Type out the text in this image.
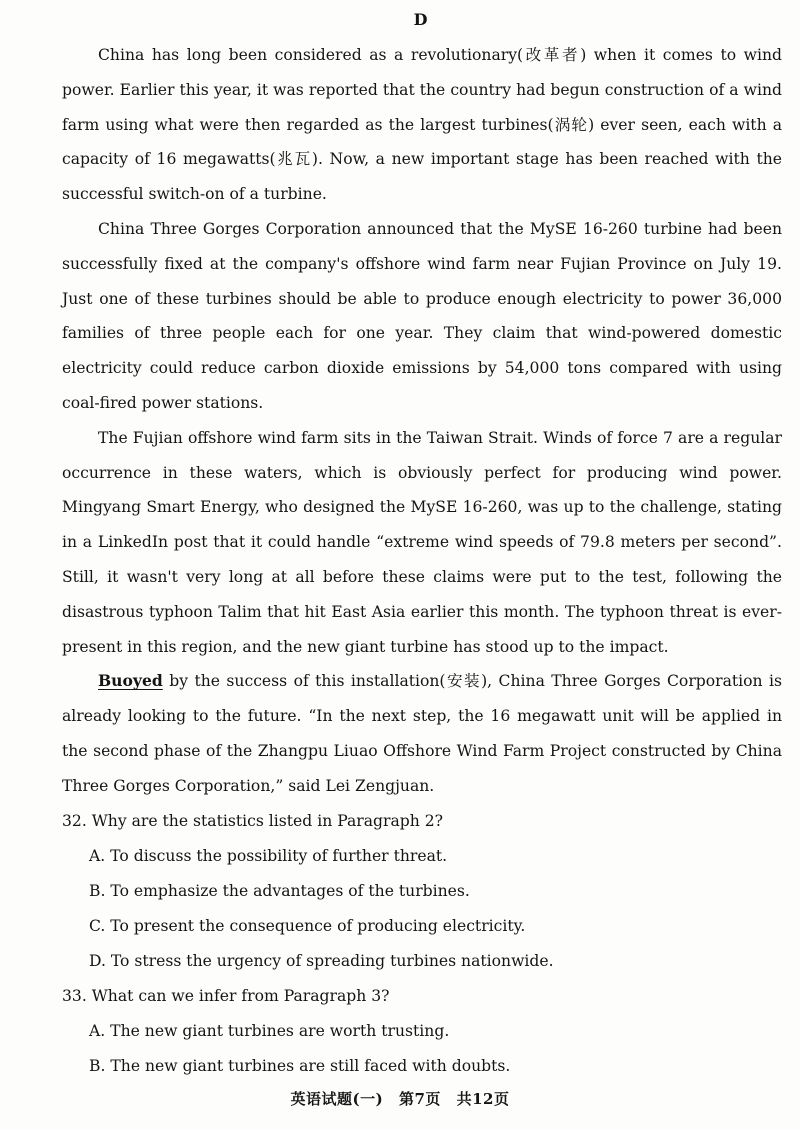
D

China has long been considered as a revolutionary(改革者) when it comes to wind power. Earlier this year, it was reported that the country had begun construction of a wind farm using what were then regarded as the largest turbines(涡轮) ever seen, each with a capacity of 16 megawatts(兆瓦). Now, a new important stage has been reached with the successful switch-on of a turbine.

China Three Gorges Corporation announced that the MySE 16-260 turbine had been successfully fixed at the company's offshore wind farm near Fujian Province on July 19. Just one of these turbines should be able to produce enough electricity to power 36,000 families of three people each for one year. They claim that wind-powered domestic electricity could reduce carbon dioxide emissions by 54,000 tons compared with using coal-fired power stations.

The Fujian offshore wind farm sits in the Taiwan Strait. Winds of force 7 are a regular occurrence in these waters, which is obviously perfect for producing wind power. Mingyang Smart Energy, who designed the MySE 16-260, was up to the challenge, stating in a LinkedIn post that it could handle “extreme wind speeds of 79.8 meters per second”. Still, it wasn't very long at all before these claims were put to the test, following the disastrous typhoon Talim that hit East Asia earlier this month. The typhoon threat is ever-present in this region, and the new giant turbine has stood up to the impact.

Buoyed by the success of this installation(安装), China Three Gorges Corporation is already looking to the future. “In the next step, the 16 megawatt unit will be applied in the second phase of the Zhangpu Liuao Offshore Wind Farm Project constructed by China Three Gorges Corporation,” said Lei Zengjuan.

32. Why are the statistics listed in Paragraph 2?

A. To discuss the possibility of further threat.

B. To emphasize the advantages of the turbines.

C. To present the consequence of producing electricity.

D. To stress the urgency of spreading turbines nationwide.

33. What can we infer from Paragraph 3?

A. The new giant turbines are worth trusting.

B. The new giant turbines are still faced with doubts.

英语试题(一) 第7页 共12页
